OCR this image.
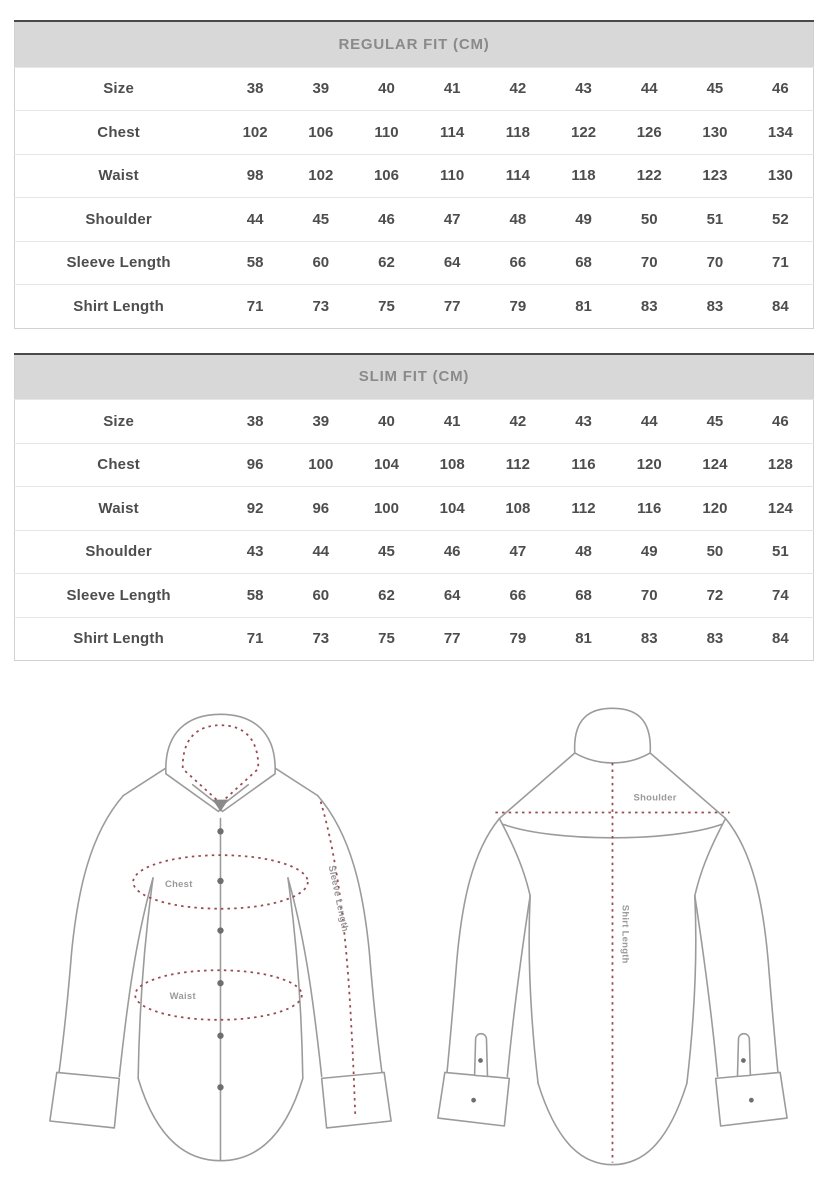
REGULAR FIT (CM)									
Size	38	39	40	41	42	43	44	45	46
Chest	102	106	110	114	118	122	126	130	134
Waist	98	102	106	110	114	118	122	123	130
Shoulder	44	45	46	47	48	49	50	51	52
Sleeve Length	58	60	62	64	66	68	70	70	71
Shirt Length	71	73	75	77	79	81	83	83	84
SLIM FIT (CM)									
Size	38	39	40	41	42	43	44	45	46
Chest	96	100	104	108	112	116	120	124	128
Waist	92	96	100	104	108	112	116	120	124
Shoulder	43	44	45	46	47	48	49	50	51
Sleeve Length	58	60	62	64	66	68	70	72	74
Shirt Length	71	73	75	77	79	81	83	83	84
Chest
Waist
Sleeve Length
Shoulder
Shirt Length
